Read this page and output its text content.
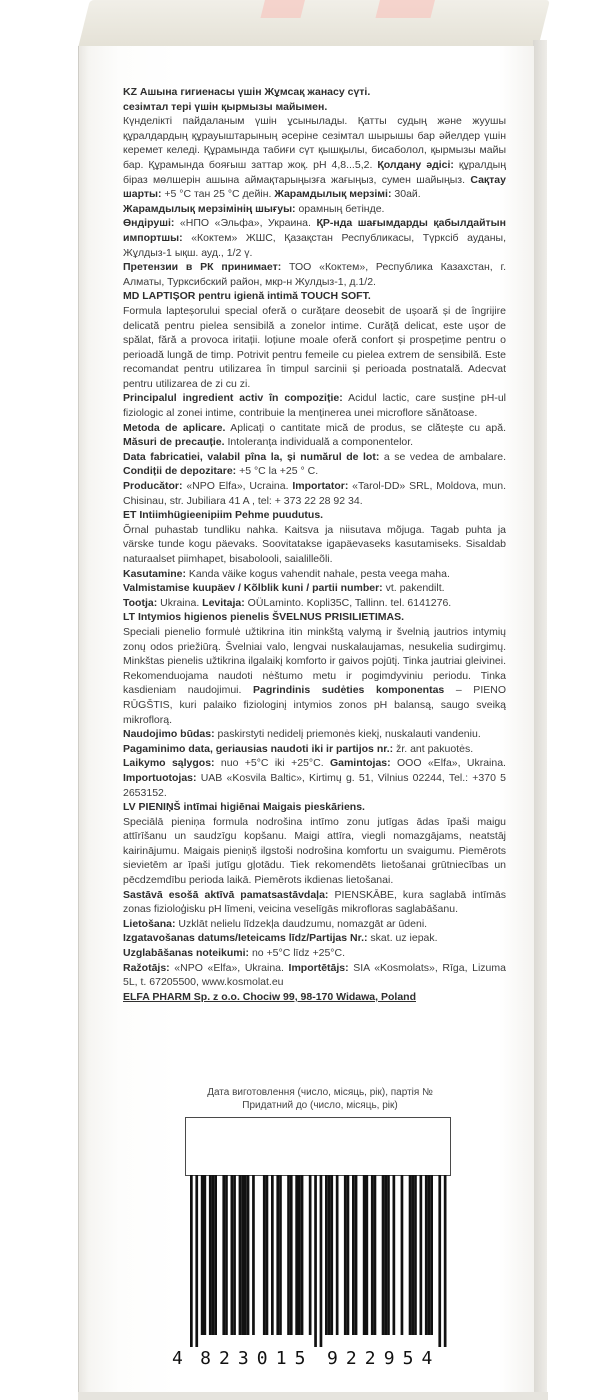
KZ Ашына гигиенасы үшін Жұмсақ жанасу сүті.

сезімтал тері үшін қырмызы майымен.

Күнделікті пайдаланым үшін ұсынылады. Қатты судың және жуушы құралдардың құрауыштарының әсеріне сезімтал шырышы бар әйелдер үшін керемет келеді. Құрамында табиғи сүт қышқылы, бисаболол, қырмызы майы бар. Құрамында бояғыш заттар жоқ. pH 4,8...5,2. Қолдану әдісі: құралдың біраз мөлшерін ашына аймақтарыңызға жағыңыз, сумен шайыңыз. Сақтау шарты: +5 °C тан 25 °C дейін. Жарамдылық мерзімі: 30ай.

Жарамдылық мерзімінің шығуы: орамның бетінде.

Өндіруші: «НПО «Эльфа», Украина. ҚР-нда шағымдарды қабылдайтын импортшы: «Коктем» ЖШС, Қазақстан Республикасы, Түрксіб ауданы, Жұлдыз-1 ықш. ауд., 1/2 ү.

Претензии в РК принимает: ТОО «Коктем», Республика Казахстан, г. Алматы, Турксибский район, мкр-н Жулдыз-1, д.1/2.

MD LAPTIȘOR pentru igienă intimă TOUCH SOFT.

Formula lapteșorului special oferă o curățare deosebit de ușoară și de îngrijire delicată pentru pielea sensibilă a zonelor intime. Curăță delicat, este ușor de spălat, fără a provoca iritații. loțiune moale oferă confort și prospețime pentru o perioadă lungă de timp. Potrivit pentru femeile cu pielea extrem de sensibilă. Este recomandat pentru utilizarea în timpul sarcinii și perioada postnatală. Adecvat pentru utilizarea de zi cu zi.

Principalul ingredient activ în compoziție: Acidul lactic, care susține pH-ul fiziologic al zonei intime, contribuie la menținerea unei microflore sănătoase.

Metoda de aplicare. Aplicați o cantitate mică de produs, se clătește cu apă. Măsuri de precauție. Intoleranța individuală a componentelor.

Data fabricatiei, valabil pîna la, și numărul de lot: a se vedea de ambalare. Condiții de depozitare: +5 °C la +25 ° C.

Producător: «NPO Elfa», Ucraina. Importator: «Tarol-DD» SRL, Moldova, mun. Chisinau, str. Jubiliara 41 A , tel: + 373 22 28 92 34.

ET Intiimhügieenipiim Pehme puudutus.

Õrnal puhastab tundliku nahka. Kaitsva ja niisutava mõjuga. Tagab puhta ja värske tunde kogu päevaks. Soovitatakse igapäevaseks kasutamiseks. Sisaldab naturaalset piimhapet, bisabolooli, saialilleõli.

Kasutamine: Kanda väike kogus vahendit nahale, pesta veega maha.

Valmistamise kuupäev / Kõlblik kuni / partii number: vt. pakendilt.

Tootja: Ukraina. Levitaja: OÜLaminto. Kopli35C, Tallinn. tel. 6141276.

LT Intymios higienos pienelis ŠVELNUS PRISILIETIMAS.

Speciali pienelio formulė užtikrina itin minkštą valymą ir švelnią jautrios intymių zonų odos priežiūrą. Švelniai valo, lengvai nuskalaujamas, nesukelia sudirgimų. Minkštas pienelis užtikrina ilgalaikį komforto ir gaivos pojūtį. Tinka jautriai gleivinei. Rekomenduojama naudoti nėštumo metu ir pogimdyviniu periodu. Tinka kasdieniam naudojimui. Pagrindinis sudėties komponentas – PIENO RŪGŠTIS, kuri palaiko fiziologinį intymios zonos pH balansą, saugo sveiką mikroflorą.

Naudojimo būdas: paskirstyti nedidelį priemonės kiekį, nuskalauti vandeniu.

Pagaminimo data, geriausias naudoti iki ir partijos nr.: žr. ant pakuotės.

Laikymo sąlygos: nuo +5°C iki +25°C. Gamintojas: OOO «Elfa», Ukraina. Importuotojas: UAB «Kosvila Baltic», Kirtimų g. 51, Vilnius 02244, Tel.: +370 5 2653152.

LV PIENIŅŠ intīmai higiēnai Maigais pieskāriens.

Speciālā pieniņa formula nodrošina intīmo zonu jutīgas ādas īpaši maigu attīrīšanu un saudzīgu kopšanu. Maigi attīra, viegli nomazgājams, neatstāj kairinājumu. Maigais pieniņš ilgstoši nodrošina komfortu un svaigumu. Piemērots sievietēm ar īpaši jutīgu gļotādu. Tiek rekomendēts lietošanai grūtniecības un pēcdzemdību perioda laikā. Piemērots ikdienas lietošanai.

Sastāvā esošā aktīvā pamatsastāvdaļa: PIENSKĀBE, kura saglabā intīmās zonas fizioloģisku pH līmeni, veicina veselīgās mikrofloras saglabāšanu.

Lietošana: Uzklāt nelielu līdzekļa daudzumu, nomazgāt ar ūdeni.

Izgatavošanas datums/Ieteicams līdz/Partijas Nr.: skat. uz iepak.

Uzglabāšanas noteikumi: no +5°C līdz +25°C.

Ražotājs: «NPO «Elfa», Ukraina. Importētājs: SIA «Kosmolats», Rīga, Lizuma 5L, t. 67205500, www.kosmolat.eu

ELFA PHARM Sp. z o.o. Chociw 99, 98-170 Widawa, Poland

Дата виготовлення (число, місяць, рік), партія №
Придатний до (число, місяць, рік)
4 8 2 3 0 1 5 9 2 2 9 5 4
